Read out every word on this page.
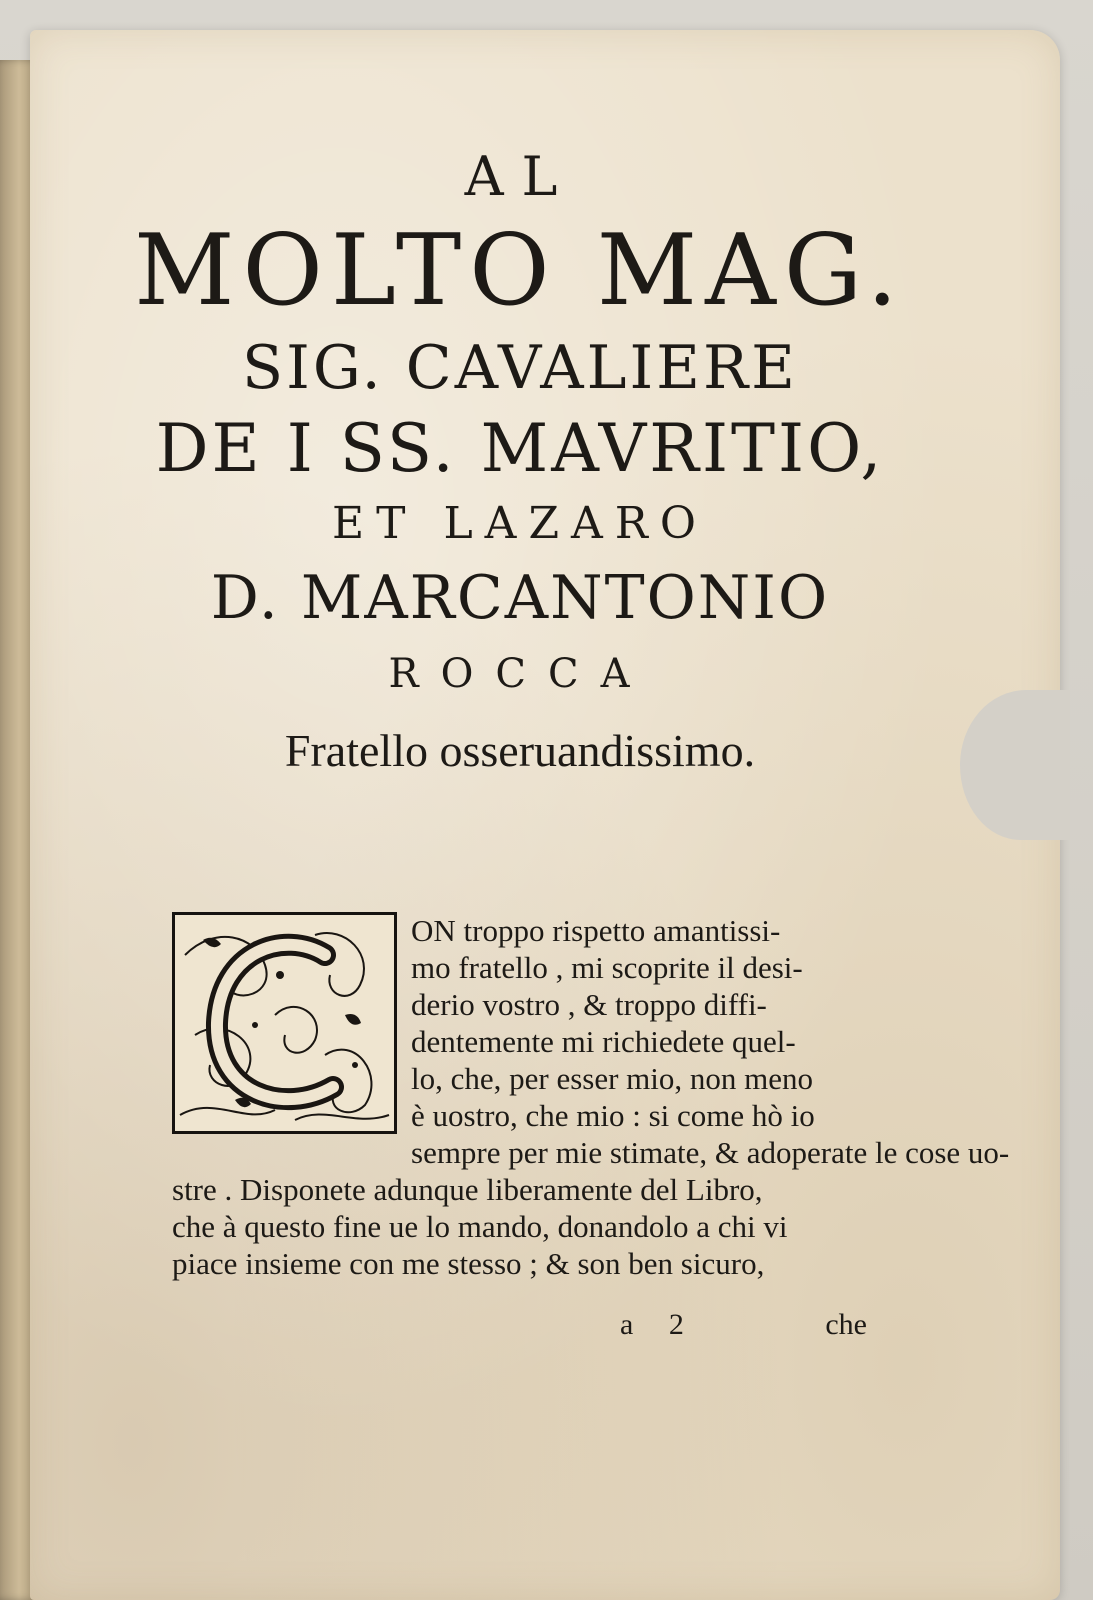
AL
MOLTO MAG.
SIG. CAVALIERE
DE I SS. MAVRITIO,
ET LAZARO
D. MARCANTONIO
ROCCA
Fratello osseruandissimo.
ON troppo rispetto amantissi-
mo fratello , mi scoprite il desi-
derio vostro , & troppo diffi-
dentemente mi richiedete quel-
lo, che, per esser mio, non meno
è uostro, che mio : si come hò io
sempre per mie stimate, & adoperate le cose uo-
stre . Disponete adunque liberamente del Libro,
che à questo fine ue lo mando, donandolo a chi vi
piace insieme con me stesso ; & son ben sicuro,
a 2	che
